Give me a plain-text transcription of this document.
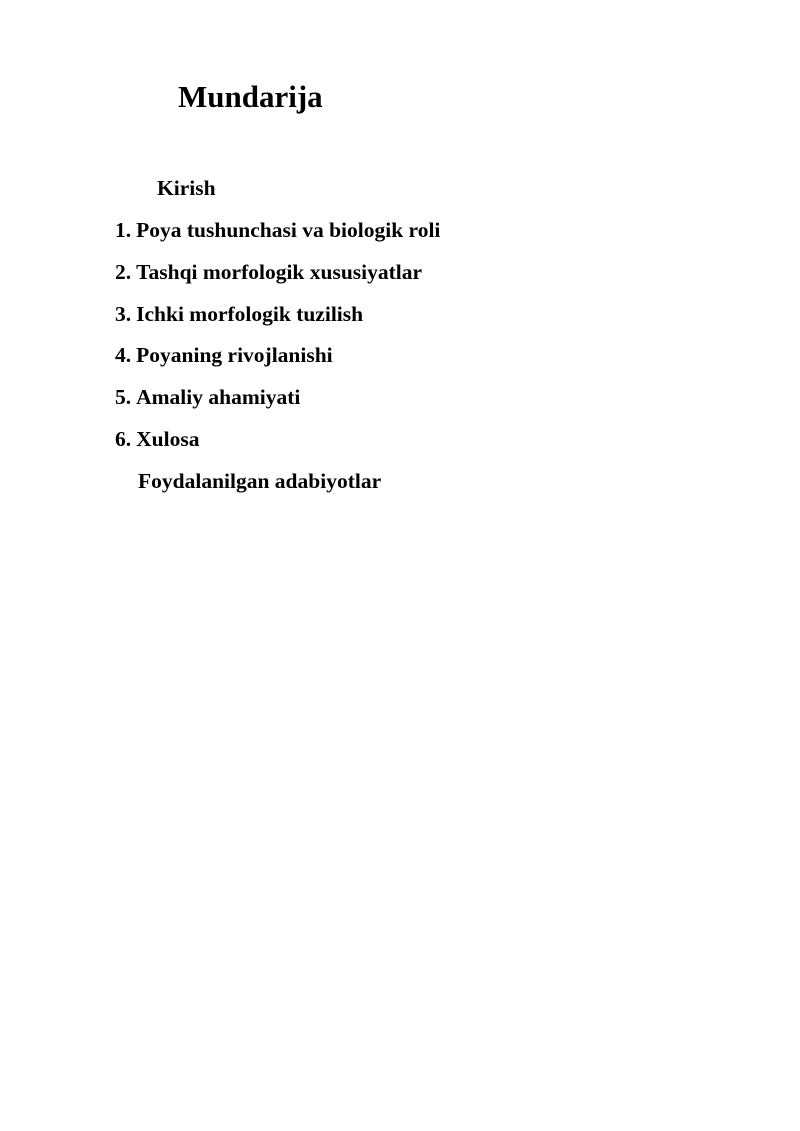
Mundarija
Kirish
1. Poya tushunchasi va biologik roli
2. Tashqi morfologik xususiyatlar
3. Ichki morfologik tuzilish
4. Poyaning rivojlanishi
5. Amaliy ahamiyati
6. Xulosa
Foydalanilgan adabiyotlar
